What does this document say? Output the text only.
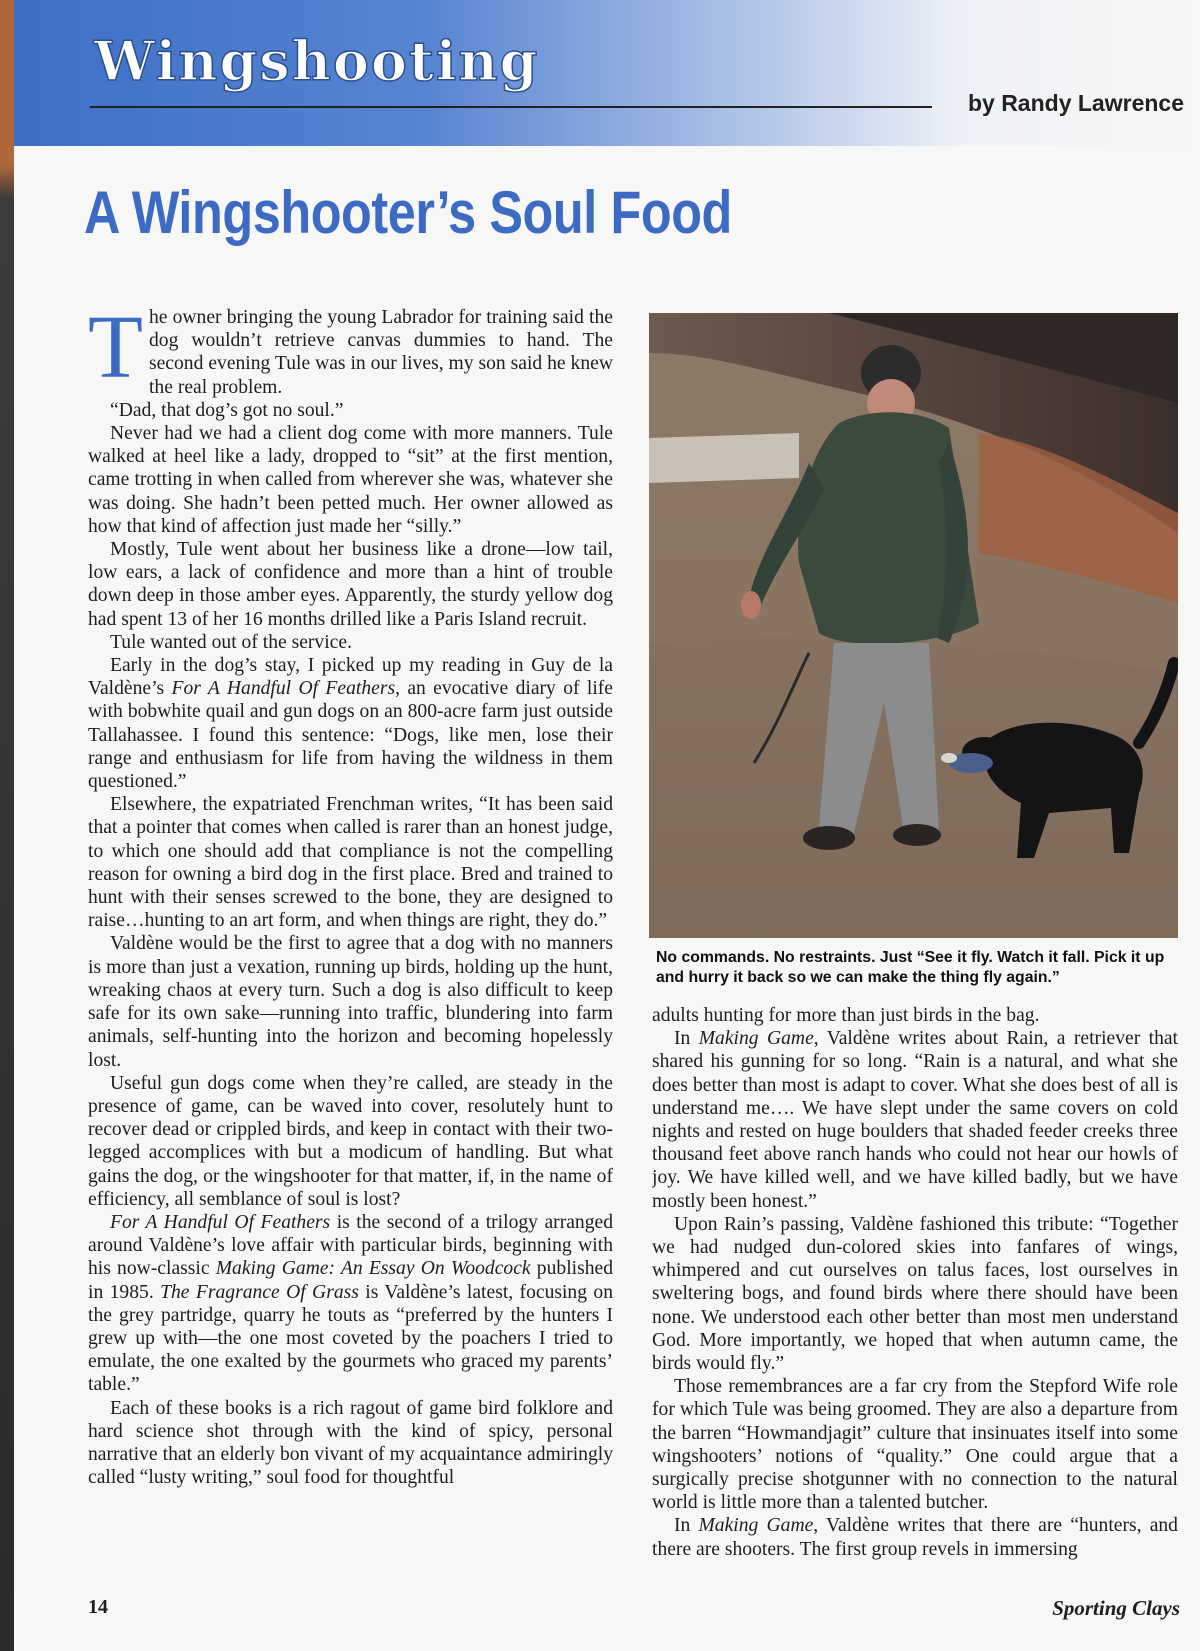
Wingshooting
by Randy Lawrence
A Wingshooter’s Soul Food
T he owner bringing the young Labrador for training said the dog wouldn’t retrieve canvas dummies to hand. The second evening Tule was in our lives, my son said he knew the real problem.

“Dad, that dog’s got no soul.”

Never had we had a client dog come with more manners. Tule walked at heel like a lady, dropped to “sit” at the first mention, came trotting in when called from wherever she was, whatever she was doing. She hadn’t been petted much. Her owner allowed as how that kind of affection just made her “silly.”

Mostly, Tule went about her business like a drone—low tail, low ears, a lack of confidence and more than a hint of trouble down deep in those amber eyes. Apparently, the sturdy yellow dog had spent 13 of her 16 months drilled like a Paris Island recruit.

Tule wanted out of the service.

Early in the dog’s stay, I picked up my reading in Guy de la Valdène’s For A Handful Of Feathers, an evocative diary of life with bobwhite quail and gun dogs on an 800-acre farm just outside Tallahassee. I found this sentence: “Dogs, like men, lose their range and enthusiasm for life from having the wildness in them questioned.”

Elsewhere, the expatriated Frenchman writes, “It has been said that a pointer that comes when called is rarer than an honest judge, to which one should add that compliance is not the compelling reason for owning a bird dog in the first place. Bred and trained to hunt with their senses screwed to the bone, they are designed to raise…hunting to an art form, and when things are right, they do.”

Valdène would be the first to agree that a dog with no manners is more than just a vexation, running up birds, holding up the hunt, wreaking chaos at every turn. Such a dog is also difficult to keep safe for its own sake—running into traffic, blundering into farm animals, self-hunting into the horizon and becoming hopelessly lost.

Useful gun dogs come when they’re called, are steady in the presence of game, can be waved into cover, resolutely hunt to recover dead or crippled birds, and keep in contact with their two-legged accomplices with but a modicum of handling. But what gains the dog, or the wingshooter for that matter, if, in the name of efficiency, all semblance of soul is lost?

For A Handful Of Feathers is the second of a trilogy arranged around Valdène’s love affair with particular birds, beginning with his now-classic Making Game: An Essay On Woodcock published in 1985. The Fragrance Of Grass is Valdène’s latest, focusing on the grey partridge, quarry he touts as “preferred by the hunters I grew up with—the one most coveted by the poachers I tried to emulate, the one exalted by the gourmets who graced my parents’ table.”

Each of these books is a rich ragout of game bird folklore and hard science shot through with the kind of spicy, personal narrative that an elderly bon vivant of my acquaintance admiringly called “lusty writing,” soul food for thoughtful

No commands. No restraints. Just “See it fly. Watch it fall. Pick it up and hurry it back so we can make the thing fly again.”

adults hunting for more than just birds in the bag.

In Making Game, Valdène writes about Rain, a retriever that shared his gunning for so long. “Rain is a natural, and what she does better than most is adapt to cover. What she does best of all is understand me…. We have slept under the same covers on cold nights and rested on huge boulders that shaded feeder creeks three thousand feet above ranch hands who could not hear our howls of joy. We have killed well, and we have killed badly, but we have mostly been honest.”

Upon Rain’s passing, Valdène fashioned this tribute: “Together we had nudged dun-colored skies into fanfares of wings, whimpered and cut ourselves on talus faces, lost ourselves in sweltering bogs, and found birds where there should have been none. We understood each other better than most men understand God. More importantly, we hoped that when autumn came, the birds would fly.”

Those remembrances are a far cry from the Stepford Wife role for which Tule was being groomed. They are also a departure from the barren “Howmandjagit” culture that insinuates itself into some wingshooters’ notions of “quality.” One could argue that a surgically precise shotgunner with no connection to the natural world is little more than a talented butcher.

In Making Game, Valdène writes that there are “hunters, and there are shooters. The first group revels in immersing

14	Sporting Clays
